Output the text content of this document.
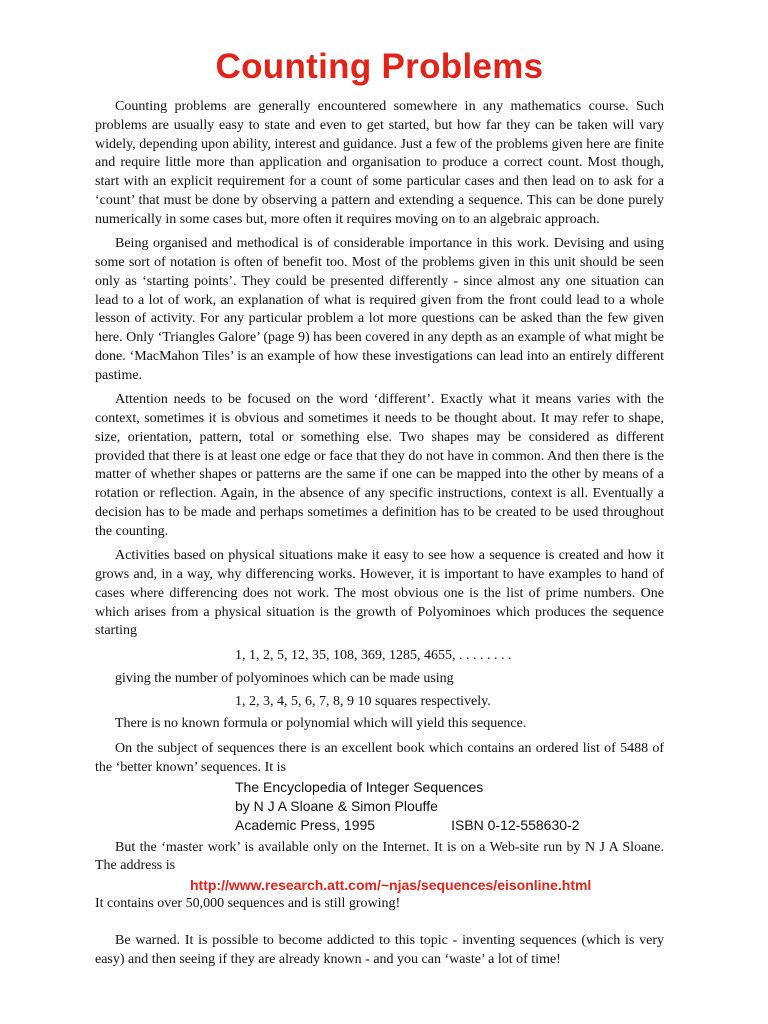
Counting Problems

Counting problems are generally encountered somewhere in any mathematics course. Such problems are usually easy to state and even to get started, but how far they can be taken will vary widely, depending upon ability, interest and guidance. Just a few of the problems given here are finite and require little more than application and organisation to produce a correct count. Most though, start with an explicit requirement for a count of some particular cases and then lead on to ask for a ‘count’ that must be done by observing a pattern and extending a sequence. This can be done purely numerically in some cases but, more often it requires moving on to an algebraic approach.

Being organised and methodical is of considerable importance in this work. Devising and using some sort of notation is often of benefit too. Most of the problems given in this unit should be seen only as ‘starting points’. They could be presented differently - since almost any one situation can lead to a lot of work, an explanation of what is required given from the front could lead to a whole lesson of activity. For any particular problem a lot more questions can be asked than the few given here. Only ‘Triangles Galore’ (page 9) has been covered in any depth as an example of what might be done. ‘MacMahon Tiles’ is an example of how these investigations can lead into an entirely different pastime.

Attention needs to be focused on the word ‘different’. Exactly what it means varies with the context, sometimes it is obvious and sometimes it needs to be thought about. It may refer to shape, size, orientation, pattern, total or something else. Two shapes may be considered as different provided that there is at least one edge or face that they do not have in common. And then there is the matter of whether shapes or patterns are the same if one can be mapped into the other by means of a rotation or reflection. Again, in the absence of any specific instructions, context is all. Eventually a decision has to be made and perhaps sometimes a definition has to be created to be used throughout the counting.

Activities based on physical situations make it easy to see how a sequence is created and how it grows and, in a way, why differencing works. However, it is important to have examples to hand of cases where differencing does not work. The most obvious one is the list of prime numbers. One which arises from a physical situation is the growth of Polyominoes which produces the sequence starting

1, 1, 2, 5, 12, 35, 108, 369, 1285, 4655, . . . . . . . .

giving the number of polyominoes which can be made using

1, 2, 3, 4, 5, 6, 7, 8, 9 10 squares respectively.

There is no known formula or polynomial which will yield this sequence.

On the subject of sequences there is an excellent book which contains an ordered list of 5488 of the ‘better known’ sequences. It is

The Encyclopedia of Integer Sequences
by N J A Sloane & Simon Plouffe
Academic Press, 1995	ISBN 0-12-558630-2

But the ‘master work’ is available only on the Internet. It is on a Web-site run by N J A Sloane. The address is

http://www.research.att.com/~njas/sequences/eisonline.html

It contains over 50,000 sequences and is still growing!

Be warned. It is possible to become addicted to this topic - inventing sequences (which is very easy) and then seeing if they are already known - and you can ‘waste’ a lot of time!
